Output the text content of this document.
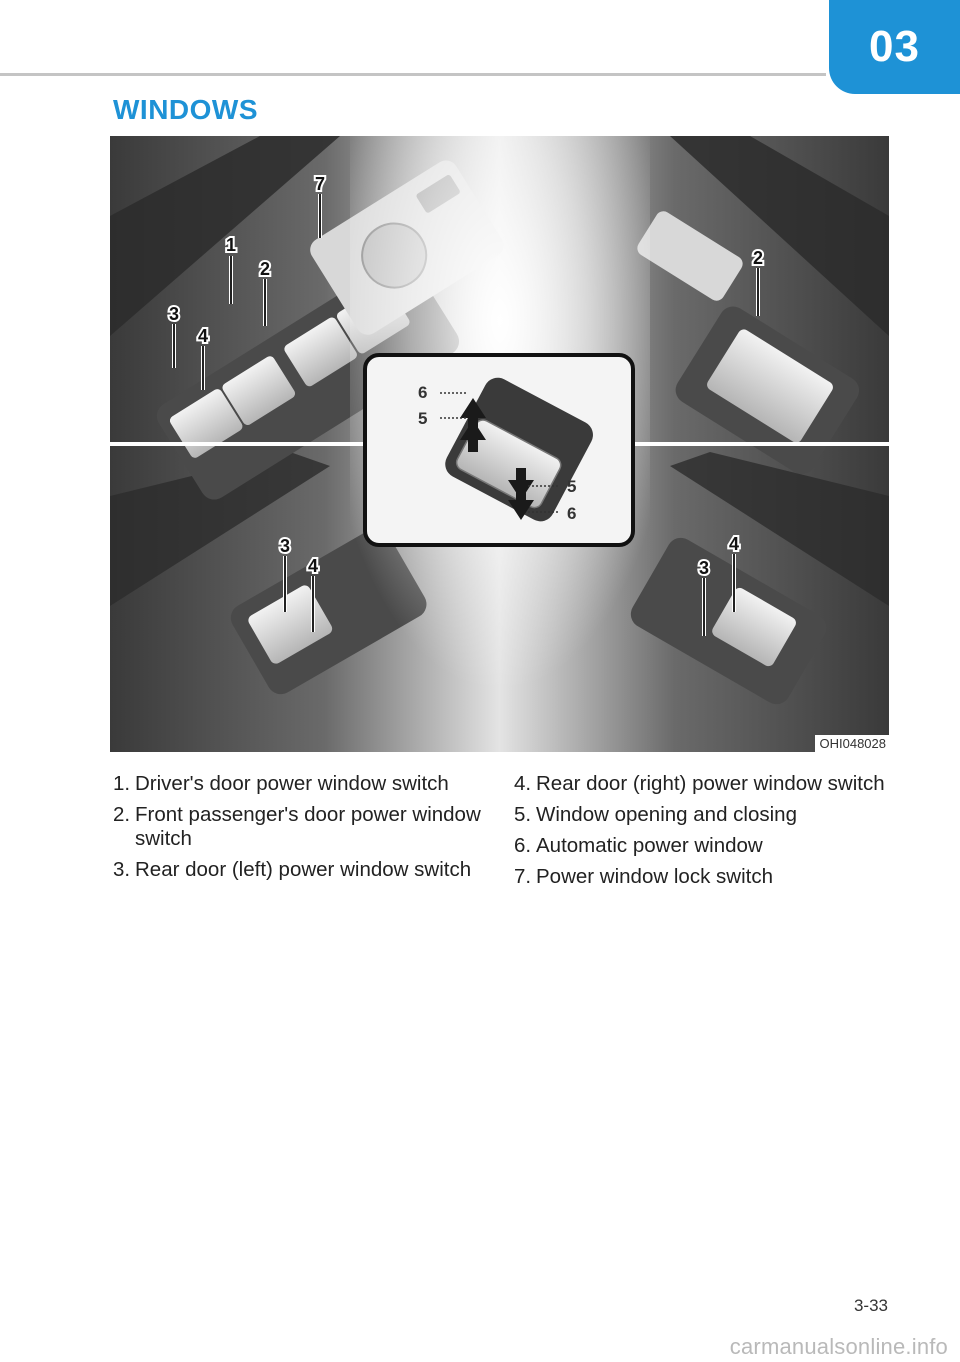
03
WINDOWS
1
2
3
4
7
2
3
4	3
4
6
5
5
6
OHI048028
1. Driver's door power window switch
2. Front passenger's door power window switch
3. Rear door (left) power window switch
4. Rear door (right) power window switch
5. Window opening and closing
6. Automatic power window
7. Power window lock switch
3-33
carmanualsonline.info
